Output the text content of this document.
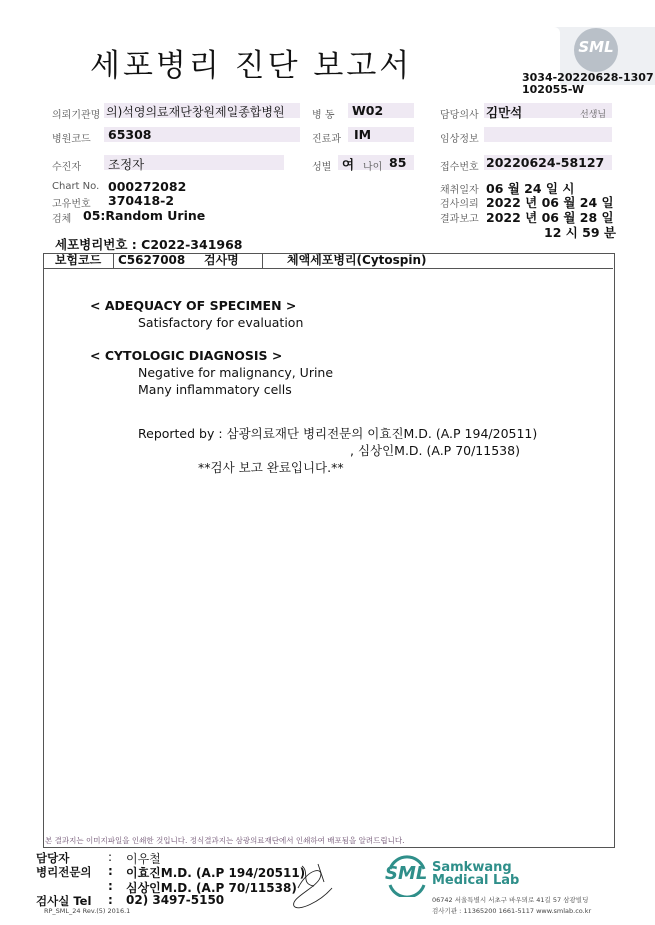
세포병리 진단 보고서
SML
3034-20220628-1307
102055-W
의뢰기관명 의)석영의료재단창원제일종합병원	병 동 W02	담당의사 김만석	선생님
병원코드 65308	진료과 IM	임상정보
수진자 조정자	성별 여 나이 85	접수번호 20220624-58127
Chart No. 000272082
고유번호 370418-2
검체 05:Random Urine
채취일자 06 월 24 일 시
검사의뢰 2022 년 06 월 24 일
결과보고 2022 년 06 월 28 일
12 시 59 분
세포병리번호 : C2022-341968
보험코드	C5627008	검사명	체액세포병리(Cytospin)
< ADEQUACY OF SPECIMEN >
Satisfactory for evaluation
< CYTOLOGIC DIAGNOSIS >
Negative for malignancy, Urine
Many inflammatory cells
Reported by : 삼광의료재단 병리전문의 이효진M.D. (A.P 194/20511)
, 심상인M.D. (A.P 70/11538)
**검사 보고 완료입니다.**
본 결과지는 이미지파일을 인쇄한 것입니다. 정식결과지는 삼광의료재단에서 인쇄하여 배포됨을 알려드립니다.
담당자	: 이우철
병리전문의 : 이효진M.D. (A.P 194/20511)
: 심상인M.D. (A.P 70/11538)
검사실 Tel : 02) 3497-5150
RP_SML_24 Rev.(5) 2016.1
SML Samkwang
Medical Lab
06742 서울특별시 서초구 바우뫼로 41길 57 삼광빌딩
검사기관 : 11365200 1661-5117 www.smlab.co.kr
